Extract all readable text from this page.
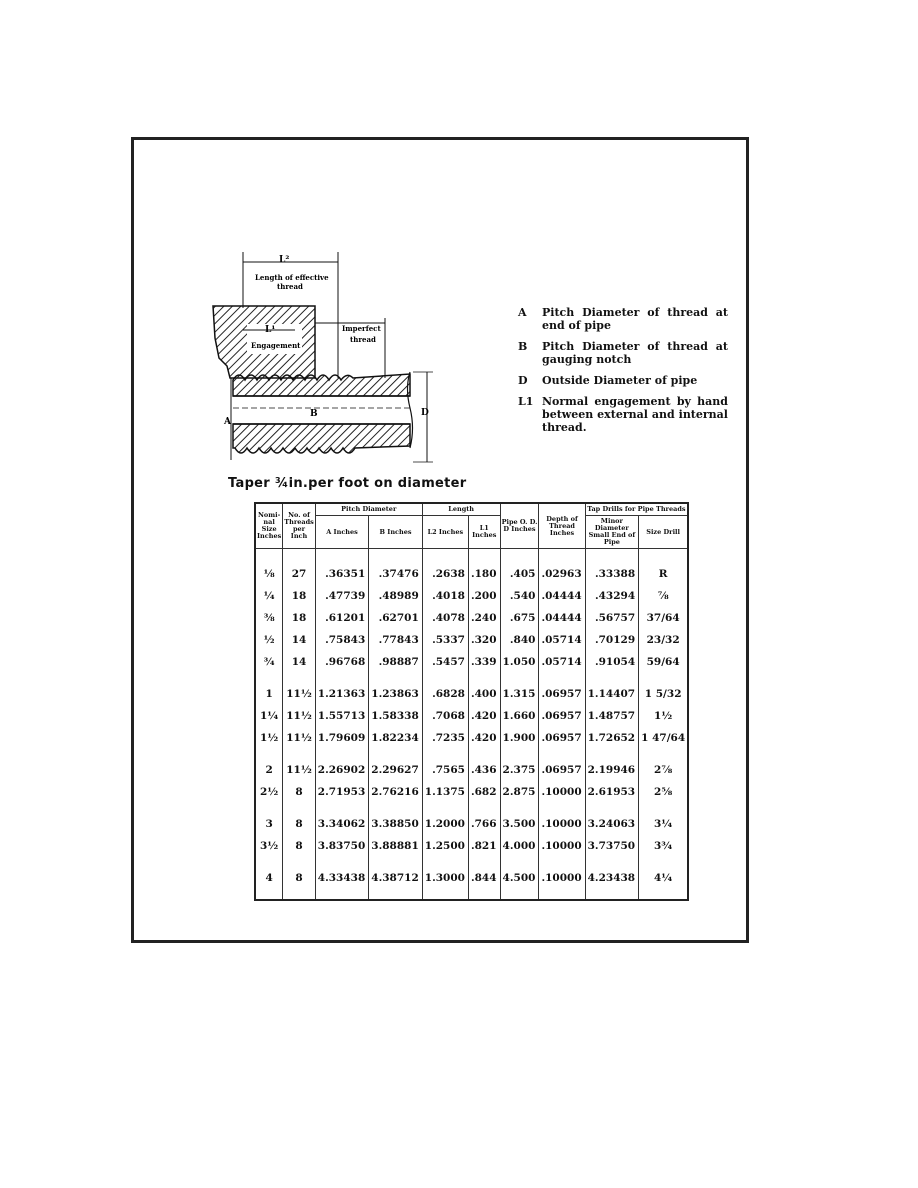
L²
Length of effective thread
L¹
Engagement
Imperfect thread
B
A
D
Taper ¾in.per foot on diameter
A	Pitch Diameter of thread at end of pipe
B	Pitch Diameter of thread at gauging notch
D	Outside Diameter of pipe
L1 Normal engagement by hand between external and internal thread.
Nomi-nal Size Inches	No. of Threads per Inch	Pitch Diameter		Length		Pipe O. D. D Inches	Depth of Thread Inches	Tap Drills for Pipe Threads	
		A Inches	B Inches	L2 Inches	L1 Inches			Minor Diameter Small End of Pipe	Size Drill
⅛	27	.36351	.37476	.2638	.180	.405	.02963	.33388	R
¼	18	.47739	.48989	.4018	.200	.540	.04444	.43294	⅞
⅜	18	.61201	.62701	.4078	.240	.675	.04444	.56757	37/64
½	14	.75843	.77843	.5337	.320	.840	.05714	.70129	23/32
¾	14	.96768	.98887	.5457	.339	1.050	.05714	.91054	59/64

1	11½	1.21363	1.23863	.6828	.400	1.315	.06957	1.14407	1 5/32
1¼	11½	1.55713	1.58338	.7068	.420	1.660	.06957	1.48757	1½
1½	11½	1.79609	1.82234	.7235	.420	1.900	.06957	1.72652	1 47/64

2	11½	2.26902	2.29627	.7565	.436	2.375	.06957	2.19946	2⅞
2½	8	2.71953	2.76216	1.1375	.682	2.875	.10000	2.61953	2⅝

3	8	3.34062	3.38850	1.2000	.766	3.500	.10000	3.24063	3¼
3½	8	3.83750	3.88881	1.2500	.821	4.000	.10000	3.73750	3¾

4	8	4.33438	4.38712	1.3000	.844	4.500	.10000	4.23438	4¼
